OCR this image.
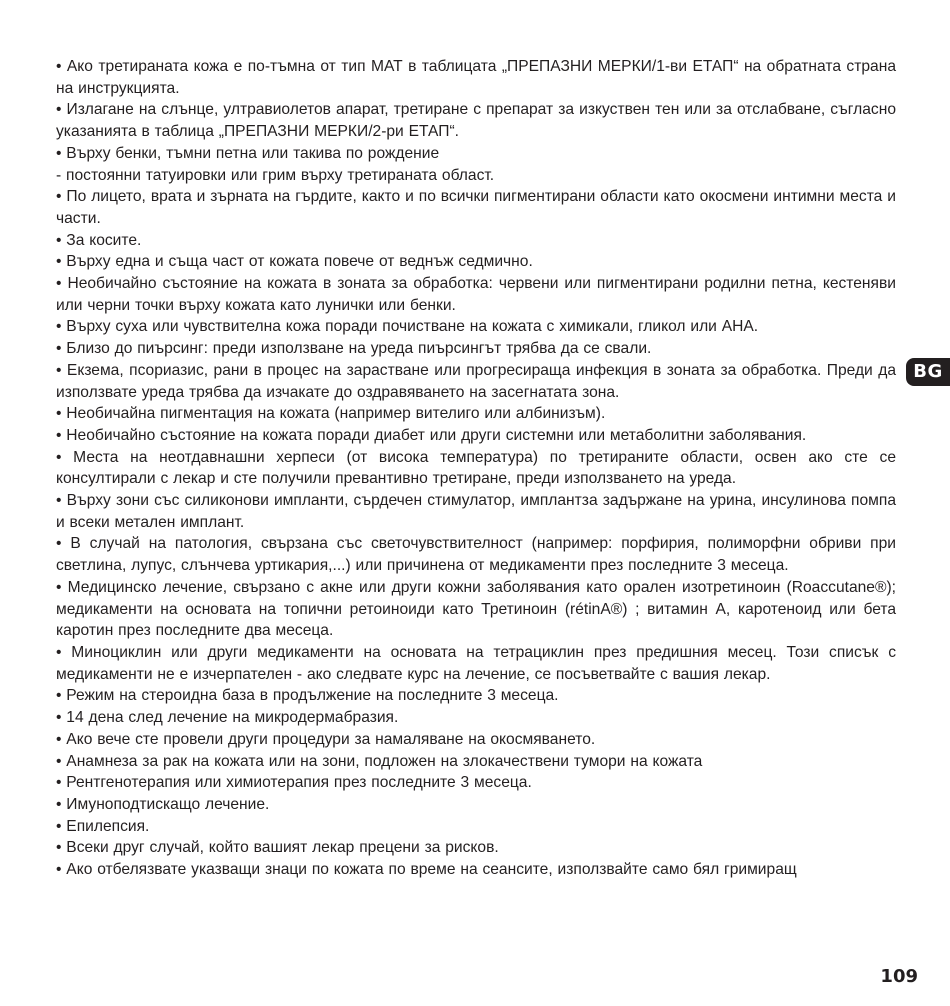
• Ако третираната кожа е по-тъмна от тип МАТ в таблицата „ПРЕПАЗНИ МЕРКИ/1-ви ЕТАП“ на обратната страна на инструкцията.

• Излагане на слънце, ултравиолетов апарат, третиране с препарат за изкуствен тен или за отслабване, съгласно указанията в таблица „ПРЕПАЗНИ МЕРКИ/2-ри ЕТАП“.

• Върху бенки, тъмни петна или такива по рождение

- постоянни татуировки или грим върху третираната област.

• По лицето, врата и зърната на гърдите, както и по всички пигментирани области като окосмени интимни места и части.

• За косите.

• Върху една и съща част от кожата повече от веднъж седмично.

• Необичайно състояние на кожата в зоната за обработка: червени или пигментирани родилни петна, кестеняви или черни точки върху кожата като лунички или бенки.

• Върху суха или чувствителна кожа поради почистване на кожата с химикали, гликол или АНА.

• Близо до пиърсинг: преди използване на уреда пиърсингът трябва да се свали.

• Екзема, псориазис, рани в процес на зарастване или прогресираща инфекция в зоната за обработка. Преди да използвате уреда трябва да изчакате до оздравяването на засегнатата зона.

• Необичайна пигментация на кожата (например вителиго или албинизъм).

• Необичайно състояние на кожата поради диабет или други системни или метаболитни заболявания.

• Места на неотдавнашни херпеси (от висока температура) по третираните области, освен ако сте се консултирали с лекар и сте получили превантивно третиране, преди използването на уреда.

• Върху зони със силиконови импланти, сърдечен стимулатор, имплантза задържане на урина, инсулинова помпа и всеки метален имплант.

• В случай на патология, свързана със светочувствителност (например: порфирия, полиморфни обриви при светлина, лупус, слънчева уртикария,...) или причинена от медикаменти през последните 3 месеца.

• Медицинско лечение, свързано с акне или други кожни заболявания като орален изотретиноин (Roaccutane®); медикаменти на основата на топични ретоиноиди като Третиноин (rétinA®) ; витамин А, каротеноид или бета каротин през последните два месеца.

• Миноциклин или други медикаменти на основата на тетрациклин през предишния месец. Този списък с медикаменти не е изчерпателен - ако следвате курс на лечение, се посъветвайте с вашия лекар.

• Режим на стероидна база в продължение на последните 3 месеца.

• 14 дена след лечение на микродермабразия.

• Ако вече сте провели други процедури за намаляване на окосмяването.

• Анамнеза за рак на кожата или на зони, подложен на злокачествени тумори на кожата

• Рентгенотерапия или химиотерапия през последните 3 месеца.

• Имуноподтискащо лечение.

• Епилепсия.

• Всеки друг случай, който вашият лекар прецени за рисков.

• Ако отбелязвате указващи знаци по кожата по време на сеансите, използвайте само бял гримиращ

BG
109
